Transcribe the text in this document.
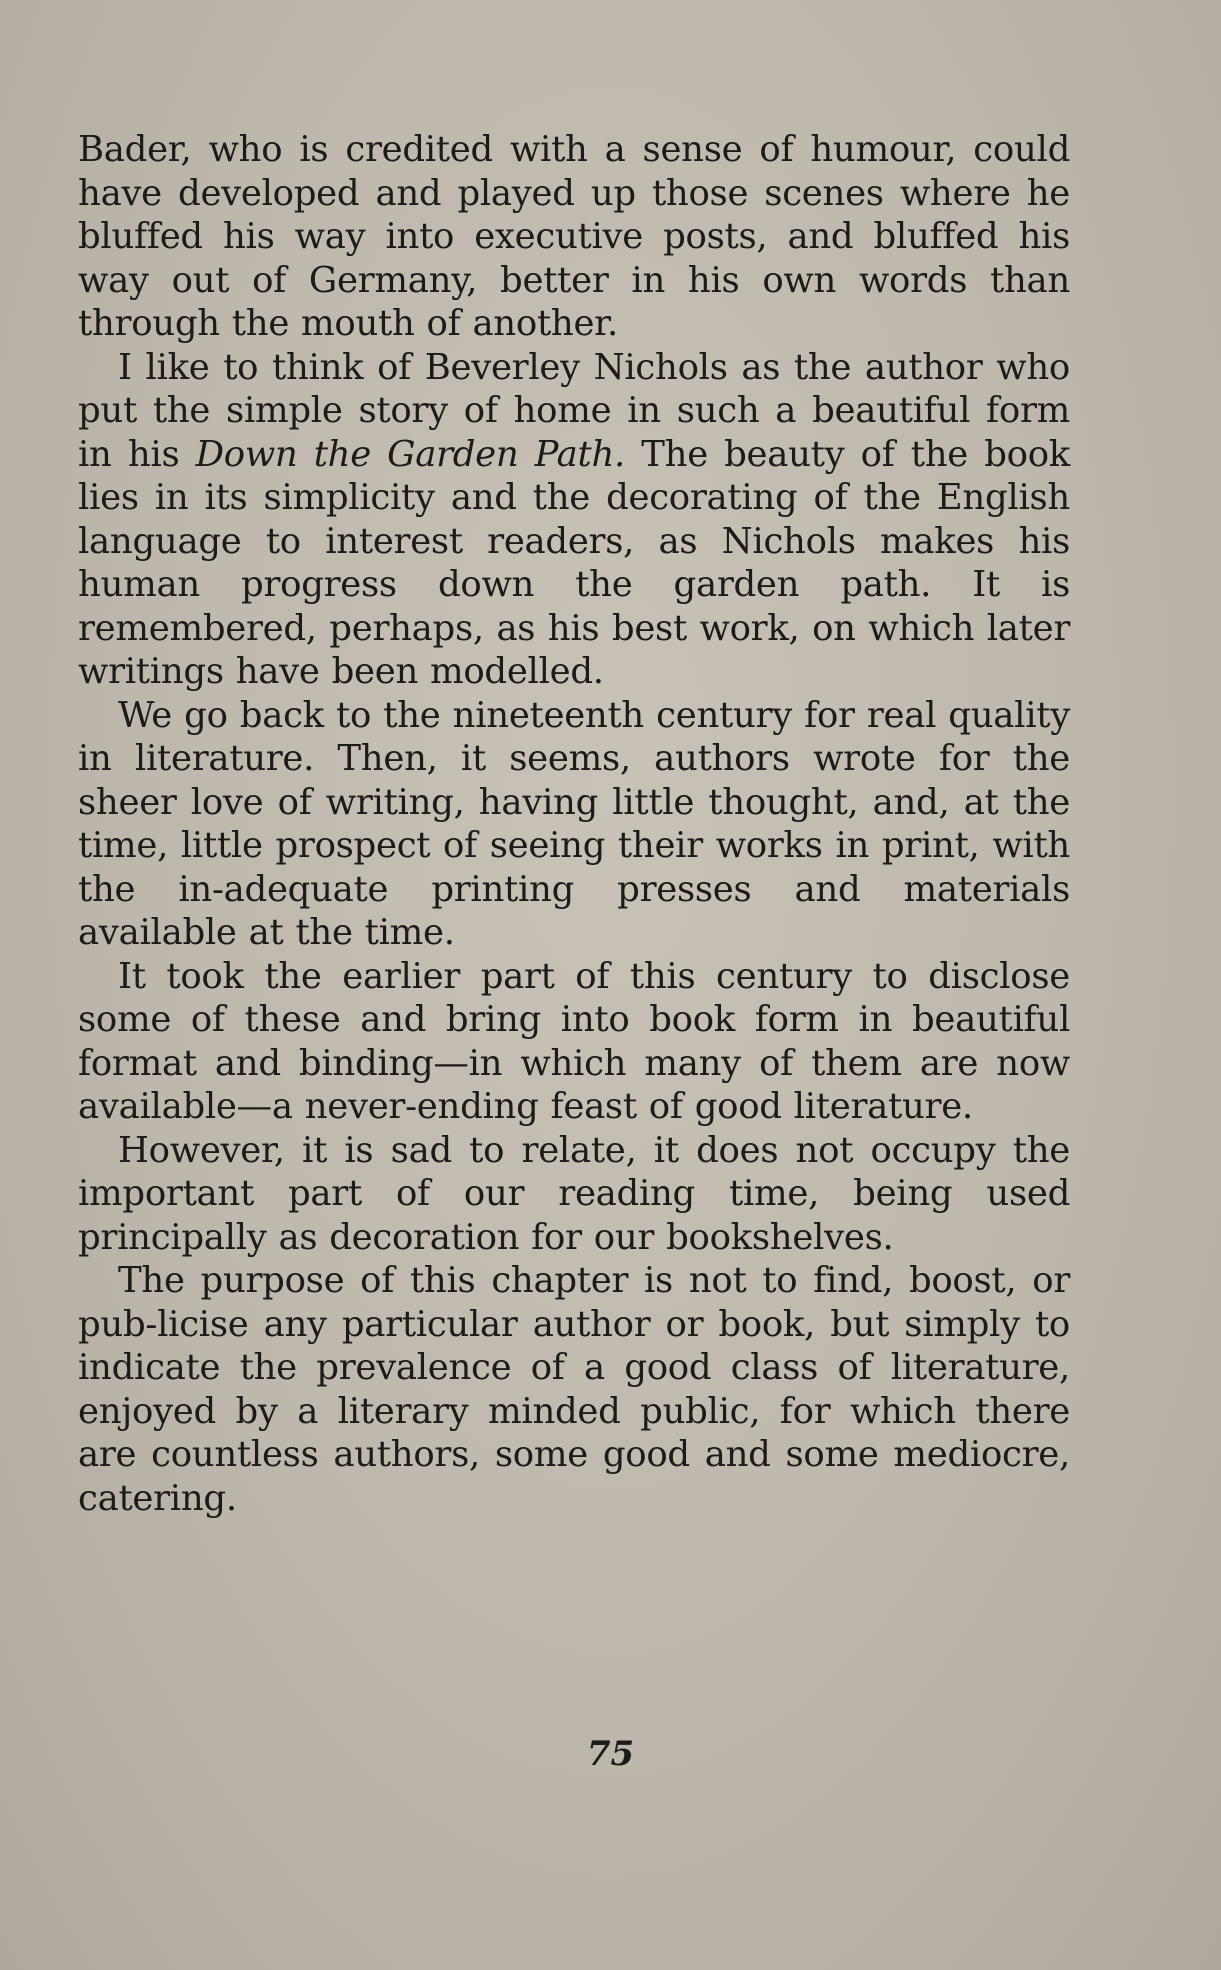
Bader, who is credited with a sense of humour, could have developed and played up those scenes where he bluffed his way into executive posts, and bluffed his way out of Germany, better in his own words than through the mouth of another.

I like to think of Beverley Nichols as the author who put the simple story of home in such a beautiful form in his Down the Garden Path. The beauty of the book lies in its simplicity and the decorating of the English language to interest readers, as Nichols makes his human progress down the garden path. It is remembered, perhaps, as his best work, on which later writings have been modelled.

We go back to the nineteenth century for real quality in literature. Then, it seems, authors wrote for the sheer love of writing, having little thought, and, at the time, little prospect of seeing their works in print, with the in-adequate printing presses and materials available at the time.

It took the earlier part of this century to disclose some of these and bring into book form in beautiful format and binding—in which many of them are now available—a never-ending feast of good literature.

However, it is sad to relate, it does not occupy the important part of our reading time, being used principally as decoration for our bookshelves.

The purpose of this chapter is not to find, boost, or pub-licise any particular author or book, but simply to indicate the prevalence of a good class of literature, enjoyed by a literary minded public, for which there are countless authors, some good and some mediocre, catering.

75
